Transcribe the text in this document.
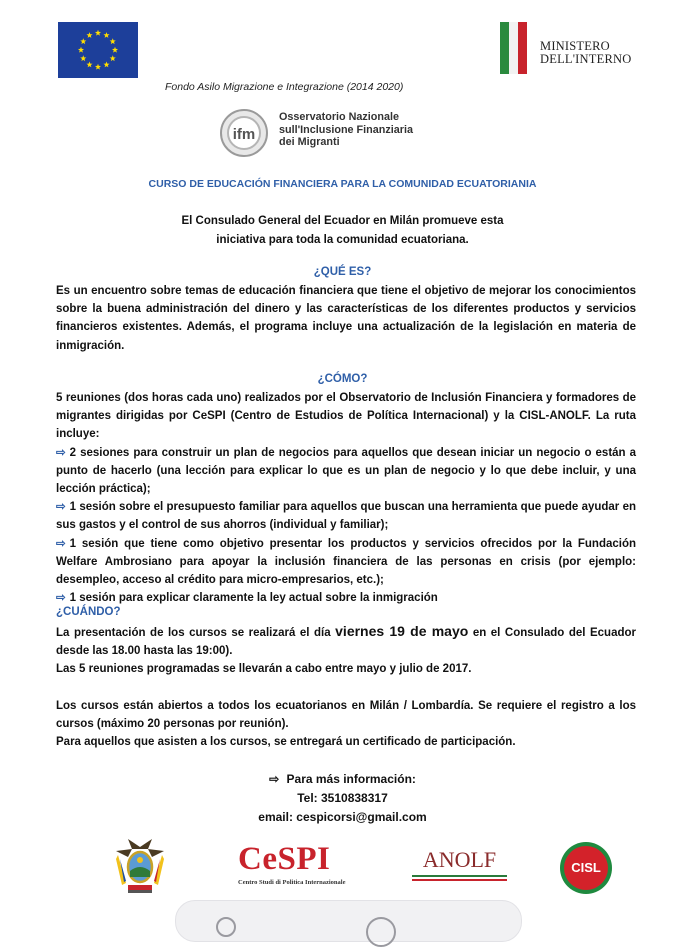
MINISTERO
DELL'INTERNO
Fondo Asilo Migrazione e Integrazione (2014 2020)
ifm
Osservatorio Nazionale
sull'Inclusione Finanziaria
dei Migranti
CURSO DE EDUCACIÓN FINANCIERA PARA LA COMUNIDAD ECUATORIANIA
El Consulado General del Ecuador en Milán promueve esta
iniciativa para toda la comunidad ecuatoriana.
¿QUÉ ES?
Es un encuentro sobre temas de educación financiera que tiene el objetivo de mejorar los conocimientos sobre la buena administración del dinero y las características de los diferentes productos y servicios financieros existentes. Además, el programa incluye una actualización de la legislación en materia de inmigración.
¿CÓMO?
5 reuniones (dos horas cada uno) realizados por el Observatorio de Inclusión Financiera y formadores de migrantes dirigidas por CeSPI (Centro de Estudios de Política Internacional) y la CISL-ANOLF. La ruta incluye:
⇨ 2 sesiones para construir un plan de negocios para aquellos que desean iniciar un negocio o están a punto de hacerlo (una lección para explicar lo que es un plan de negocio y lo que debe incluir, y una lección práctica);
⇨ 1 sesión sobre el presupuesto familiar para aquellos que buscan una herramienta que puede ayudar en sus gastos y el control de sus ahorros (individual y familiar);
⇨ 1 sesión que tiene como objetivo presentar los productos y servicios ofrecidos por la Fundación Welfare Ambrosiano para apoyar la inclusión financiera de las personas en crisis (por ejemplo: desempleo, acceso al crédito para micro-empresarios, etc.);
⇨ 1 sesión para explicar claramente la ley actual sobre la inmigración
¿CUÁNDO?
La presentación de los cursos se realizará el día viernes 19 de mayo en el Consulado del Ecuador desde las 18.00 hasta las 19:00).
Las 5 reuniones programadas se llevarán a cabo entre mayo y julio de 2017.
Los cursos están abiertos a todos los ecuatorianos en Milán / Lombardía. Se requiere el registro a los cursos (máximo 20 personas por reunión).
Para aquellos que asisten a los cursos, se entregará un certificado de participación.
⇨ Para más información:
Tel: 3510838317
email: cespicorsi@gmail.com
CeSPI
Centro Studi di Politica Internazionale
ANOLF	CISL
